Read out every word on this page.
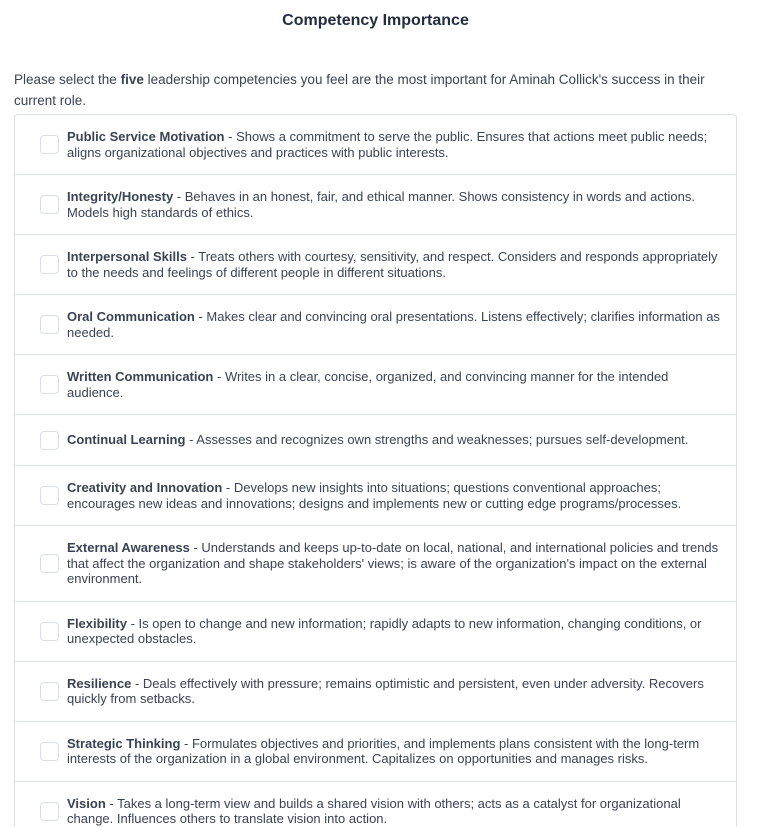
Competency Importance
Please select the five leadership competencies you feel are the most important for Aminah Collick's success in their current role.
Public Service Motivation - Shows a commitment to serve the public. Ensures that actions meet public needs; aligns organizational objectives and practices with public interests.
Integrity/Honesty - Behaves in an honest, fair, and ethical manner. Shows consistency in words and actions. Models high standards of ethics.
Interpersonal Skills - Treats others with courtesy, sensitivity, and respect. Considers and responds appropriately to the needs and feelings of different people in different situations.
Oral Communication - Makes clear and convincing oral presentations. Listens effectively; clarifies information as needed.
Written Communication - Writes in a clear, concise, organized, and convincing manner for the intended audience.
Continual Learning - Assesses and recognizes own strengths and weaknesses; pursues self-development.
Creativity and Innovation - Develops new insights into situations; questions conventional approaches; encourages new ideas and innovations; designs and implements new or cutting edge programs/processes.
External Awareness - Understands and keeps up-to-date on local, national, and international policies and trends that affect the organization and shape stakeholders' views; is aware of the organization's impact on the external environment.
Flexibility - Is open to change and new information; rapidly adapts to new information, changing conditions, or unexpected obstacles.
Resilience - Deals effectively with pressure; remains optimistic and persistent, even under adversity. Recovers quickly from setbacks.
Strategic Thinking - Formulates objectives and priorities, and implements plans consistent with the long-term interests of the organization in a global environment. Capitalizes on opportunities and manages risks.
Vision - Takes a long-term view and builds a shared vision with others; acts as a catalyst for organizational change. Influences others to translate vision into action.
